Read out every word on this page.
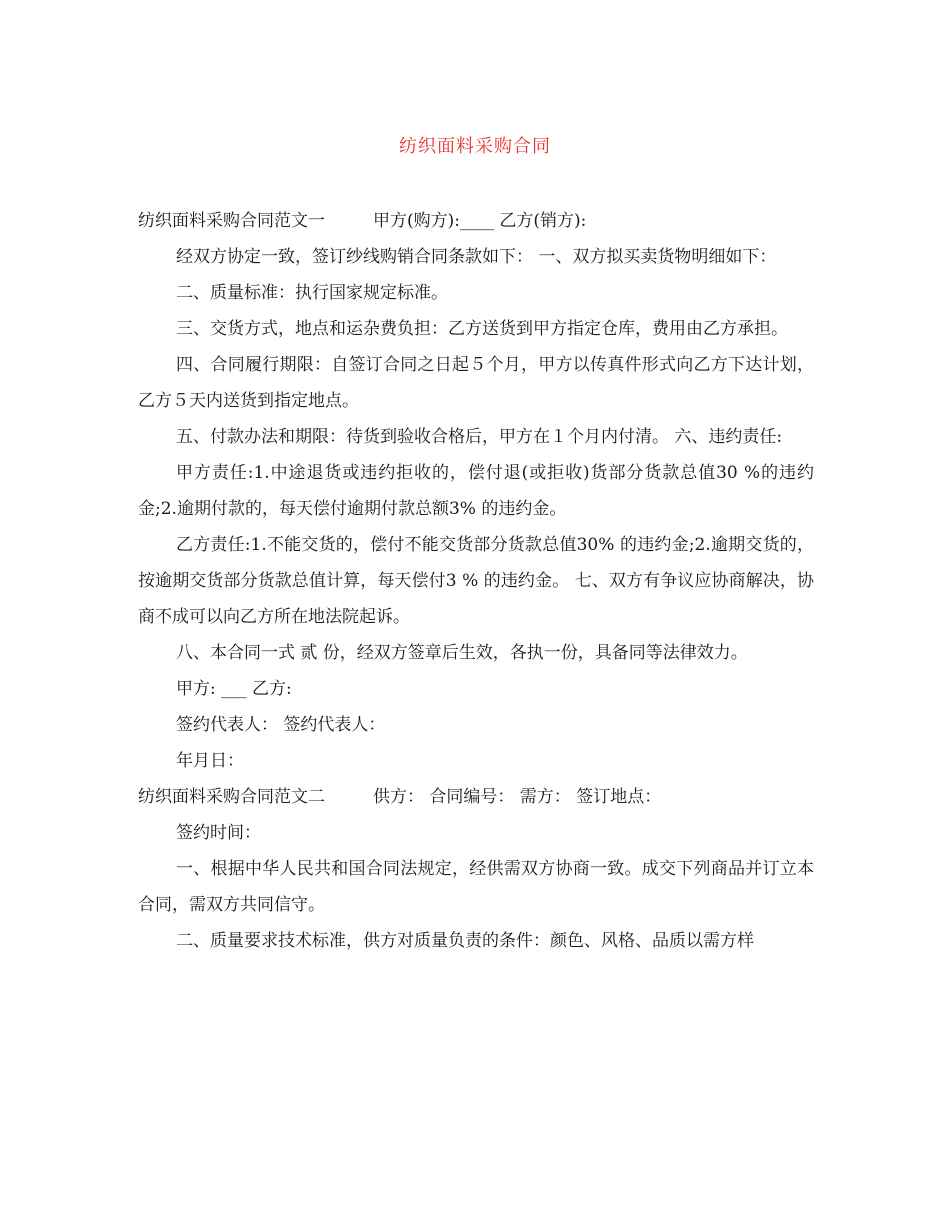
纺织面料采购合同

纺织面料采购合同范文一	甲方(购方):____ 乙方(销方):

经双方协定一致，签订纱线购销合同条款如下： 一、双方拟买卖货物明细如下：

二、质量标准：执行国家规定标准。

三、交货方式，地点和运杂费负担：乙方送货到甲方指定仓库，费用由乙方承担。

四、合同履行期限：自签订合同之日起５个月，甲方以传真件形式向乙方下达计划，乙方５天内送货到指定地点。

五、付款办法和期限：待货到验收合格后，甲方在１个月内付清。 六、违约责任:

甲方责任:1.中途退货或违约拒收的，偿付退(或拒收)货部分货款总值30 %的违约金;2.逾期付款的，每天偿付逾期付款总额3% 的违约金。

乙方责任:1.不能交货的，偿付不能交货部分货款总值30% 的违约金;2.逾期交货的，按逾期交货部分货款总值计算，每天偿付3 % 的违约金。 七、双方有争议应协商解决，协商不成可以向乙方所在地法院起诉。

八、本合同一式 贰 份，经双方签章后生效，各执一份，具备同等法律效力。

甲方: ___ 乙方:

签约代表人： 签约代表人：

年月日：

纺织面料采购合同范文二	供方： 合同编号： 需方： 签订地点：

签约时间：

一、根据中华人民共和国合同法规定，经供需双方协商一致。成交下列商品并订立本合同，需双方共同信守。

二、质量要求技术标准，供方对质量负责的条件：颜色、风格、品质以需方样
